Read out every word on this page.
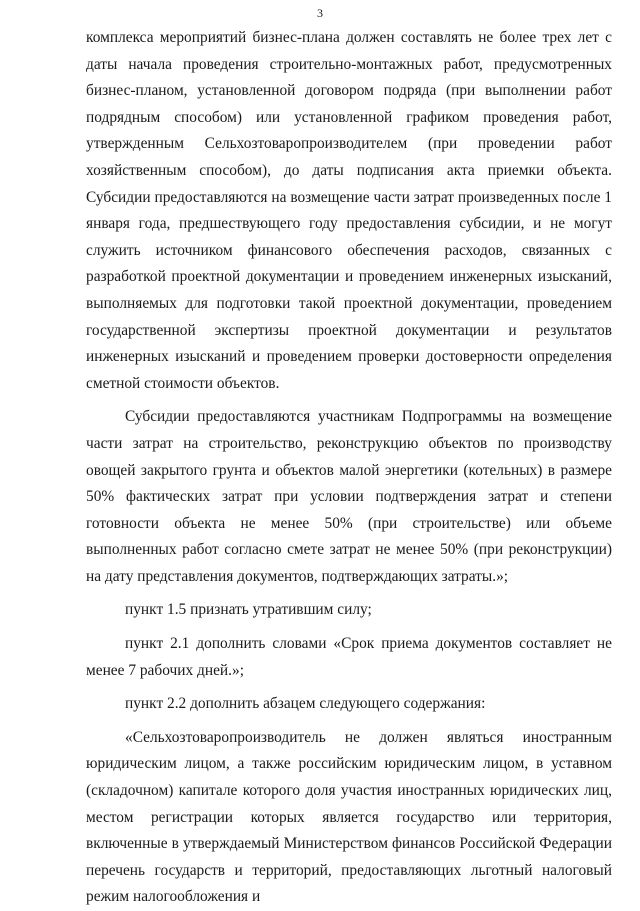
3

комплекса мероприятий бизнес-плана должен составлять не более трех лет с даты начала проведения строительно-монтажных работ, предусмотренных бизнес-планом, установленной договором подряда (при выполнении работ подрядным способом) или установленной графиком проведения работ, утвержденным Сельхозтоваропроизводителем (при проведении работ хозяйственным способом), до даты подписания акта приемки объекта. Субсидии предоставляются на возмещение части затрат произведенных после 1 января года, предшествующего году предоставления субсидии, и не могут служить источником финансового обеспечения расходов, связанных с разработкой проектной документации и проведением инженерных изысканий, выполняемых для подготовки такой проектной документации, проведением государственной экспертизы проектной документации и результатов инженерных изысканий и проведением проверки достоверности определения сметной стоимости объектов.

Субсидии предоставляются участникам Подпрограммы на возмещение части затрат на строительство, реконструкцию объектов по производству овощей закрытого грунта и объектов малой энергетики (котельных) в размере 50% фактических затрат при условии подтверждения затрат и степени готовности объекта не менее 50% (при строительстве) или объеме выполненных работ согласно смете затрат не менее 50% (при реконструкции) на дату представления документов, подтверждающих затраты.»;

пункт 1.5 признать утратившим силу;

пункт 2.1 дополнить словами «Срок приема документов составляет не менее 7 рабочих дней.»;

пункт 2.2 дополнить абзацем следующего содержания:

«Сельхозтоваропроизводитель не должен являться иностранным юридическим лицом, а также российским юридическим лицом, в уставном (складочном) капитале которого доля участия иностранных юридических лиц, местом регистрации которых является государство или территория, включенные в утверждаемый Министерством финансов Российской Федерации перечень государств и территорий, предоставляющих льготный налоговый режим налогообложения и
